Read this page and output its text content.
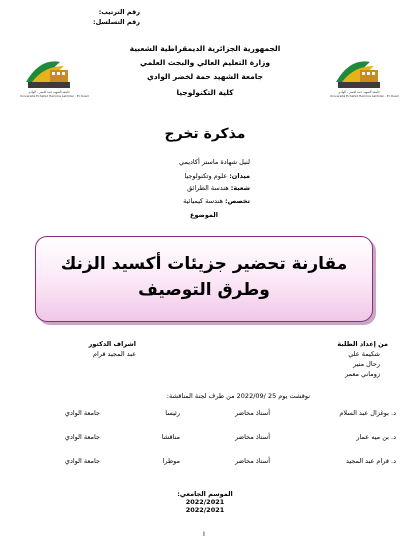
رقم الترتيب:
رقم التسلسل:
جامعة الشهيد حمة لخضر - الوادي
Université Echahid Hamma Lakhdar - El Oued
جامعة الشهيد حمة لخضر - الوادي
Université Echahid Hamma Lakhdar - El Oued
الجمهورية الجزائرية الديمقراطية الشعبية
وزارة التعليم العالي والبحث العلمي
جامعة الشهيد حمة لخضر الوادي
كلية التكنولوجيا
مذكرة تخرج
لنيل شهادة ماستر أكاديمي
ميدان: علوم وتكنولوجيا
شعبة: هندسة الطرائق
تخصص: هندسة كيميائية
الموضوع
مقارنة تحضير جزيئات أكسيد الزنك
وطرق التوصيف
من إعداد الطلبة
شكيمة علي
رحال منير
زوماني معمر
اشراف الدكتور
عبد المجيد قرام
نوقشت يوم 25 /2022/09 من طرف لجنة المناقشة:
د. بوغزال عبد السلام
أستاذ محاضر
رئيسا
جامعة الوادي
د. بن ميه عمار
أستاذ محاضر
مناقشا
جامعة الوادي
د. قرام عبد المجيد
أستاذ محاضر
موطرا
جامعة الوادي
الموسم الجامعي: 2022/2021
2022/2021
I
